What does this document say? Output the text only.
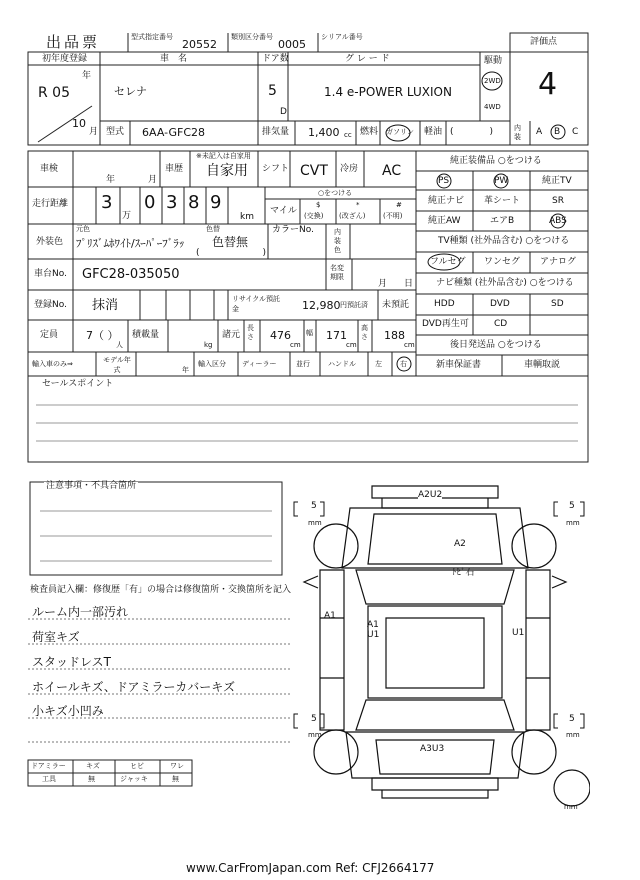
出品票	型式指定番号
20552
類別区分番号
0005
シリアル番号	評価点
4
初年度登録
年
R 05
10
月
車　名
セレナ
ドア数
5
D
グ レ ー ド
1.4 e-POWER LUXION
駆動
2WD
4WD
型式 6AA-GFC28	排気量 1,400 cc 燃料 ガソリン 軽油 (　　　　)	内装	A B C
車検
年	月
車歴
※未記入は自家用
自家用 シフト CVT 冷房 AC
走行距離 3
万
0 3 8 9
km
マイル
○をつける
$
(交換)
*
(改ざん)
#
(不明)
外装色
元色	色替
ﾌﾟﾘｽﾞﾑﾎﾜｲﾄ/ｽｰﾊﾟｰﾌﾞﾗｯ 色替無
(　　　　　　　)
カラーNo.	内装色
車台No. GFC28-035050	名変期限
月 日
登録No. 抹消	リサイクル預託金	12,980 円預託済 未預託
定員	7（ ）
人
積載量
kg
諸元
長さ 476
cm
幅 171
cm
高さ 188
cm
輸入車のみ⇒	モデル年式	年
輸入区分 ディーラー	並行	ハンドル	左	右
純正装備品 ○をつける
PS	PW	純正TV
純正ナビ 革シート	SR
純正AW	エアB	ABS
TV種類 (社外品含む) ○をつける
フルセグ ワンセグ アナログ
ナビ種類 (社外品含む) ○をつける
HDD	DVD	SD
DVD再生可	CD
後日発送品 ○をつける
新車保証書	車輌取説
セールスポイント
注意事項・不具合箇所
検査員記入欄：修復歴「有」の場合は修復箇所・交換箇所を記入
ルーム内一部汚れ
荷室キズ
スタッドレスT
ホイールキズ、ドアミラーカバーキズ
小キズ小凹み
ドアミラー	キズ	ヒビ	ワレ
工具	無	ジャッキ	無
5
mm
5
mm
5
mm
5
mm
mm
A2U2
A2
ﾄﾋﾞ石
A1
A1
U1	U1
A3U3
www.CarFromJapan.com Ref: CFJ2664177
